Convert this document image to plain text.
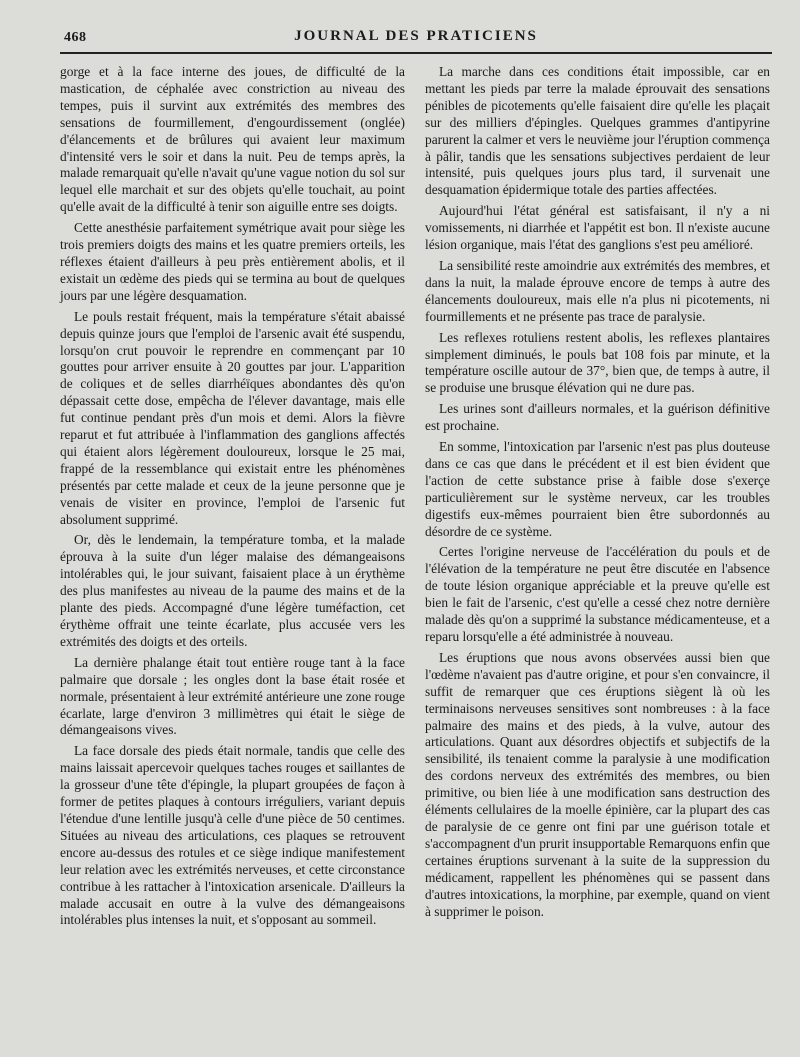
468	JOURNAL DES PRATICIENS

gorge et à la face interne des joues, de difficulté de la mastication, de céphalée avec constriction au niveau des tempes, puis il survint aux extrémités des membres des sensations de fourmillement, d'engourdissement (onglée) d'élancements et de brûlures qui avaient leur maximum d'intensité vers le soir et dans la nuit. Peu de temps après, la malade remarquait qu'elle n'avait qu'une vague notion du sol sur lequel elle marchait et sur des objets qu'elle touchait, au point qu'elle avait de la difficulté à tenir son aiguille entre ses doigts.

Cette anesthésie parfaitement symétrique avait pour siège les trois premiers doigts des mains et les quatre premiers orteils, les réflexes étaient d'ailleurs à peu près entièrement abolis, et il existait un œdème des pieds qui se termina au bout de quelques jours par une légère desquamation.

Le pouls restait fréquent, mais la température s'était abaissé depuis quinze jours que l'emploi de l'arsenic avait été suspendu, lorsqu'on crut pouvoir le reprendre en commençant par 10 gouttes pour arriver ensuite à 20 gouttes par jour. L'apparition de coliques et de selles diarrhéïques abondantes dès qu'on dépassait cette dose, empêcha de l'élever davantage, mais elle fut continue pendant près d'un mois et demi. Alors la fièvre reparut et fut attribuée à l'inflammation des ganglions affectés qui étaient alors légèrement douloureux, lorsque le 25 mai, frappé de la ressemblance qui existait entre les phénomènes présentés par cette malade et ceux de la jeune personne que je venais de visiter en province, l'emploi de l'arsenic fut absolument supprimé.

Or, dès le lendemain, la température tomba, et la malade éprouva à la suite d'un léger malaise des démangeaisons intolérables qui, le jour suivant, faisaient place à un érythème des plus manifestes au niveau de la paume des mains et de la plante des pieds. Accompagné d'une légère tuméfaction, cet érythème offrait une teinte écarlate, plus accusée vers les extrémités des doigts et des orteils.

La dernière phalange était tout entière rouge tant à la face palmaire que dorsale ; les ongles dont la base était rosée et normale, présentaient à leur extrémité antérieure une zone rouge écarlate, large d'environ 3 millimètres qui était le siège de démangeaisons vives.

La face dorsale des pieds était normale, tandis que celle des mains laissait apercevoir quelques taches rouges et saillantes de la grosseur d'une tête d'épingle, la plupart groupées de façon à former de petites plaques à contours irréguliers, variant depuis l'étendue d'une lentille jusqu'à celle d'une pièce de 50 centimes. Situées au niveau des articulations, ces plaques se retrouvent encore au-dessus des rotules et ce siège indique manifestement leur relation avec les extrémités nerveuses, et cette circonstance contribue à les rattacher à l'intoxication arsenicale. D'ailleurs la malade accusait en outre à la vulve des démangeaisons intolérables plus intenses la nuit, et s'opposant au sommeil.

La marche dans ces conditions était impossible, car en mettant les pieds par terre la malade éprouvait des sensations pénibles de picotements qu'elle faisaient dire qu'elle les plaçait sur des milliers d'épingles. Quelques grammes d'antipyrine parurent la calmer et vers le neuvième jour l'éruption commença à pâlir, tandis que les sensations subjectives perdaient de leur intensité, puis quelques jours plus tard, il survenait une desquamation épidermique totale des parties affectées.

Aujourd'hui l'état général est satisfaisant, il n'y a ni vomissements, ni diarrhée et l'appétit est bon. Il n'existe aucune lésion organique, mais l'état des ganglions s'est peu amélioré.

La sensibilité reste amoindrie aux extrémités des membres, et dans la nuit, la malade éprouve encore de temps à autre des élancements douloureux, mais elle n'a plus ni picotements, ni fourmillements et ne présente pas trace de paralysie.

Les reflexes rotuliens restent abolis, les reflexes plantaires simplement diminués, le pouls bat 108 fois par minute, et la température oscille autour de 37°, bien que, de temps à autre, il se produise une brusque élévation qui ne dure pas.

Les urines sont d'ailleurs normales, et la guérison définitive est prochaine.

En somme, l'intoxication par l'arsenic n'est pas plus douteuse dans ce cas que dans le précédent et il est bien évident que l'action de cette substance prise à faible dose s'exerçe particulièrement sur le système nerveux, car les troubles digestifs eux-mêmes pourraient bien être subordonnés au désordre de ce système.

Certes l'origine nerveuse de l'accélération du pouls et de l'élévation de la température ne peut être discutée en l'absence de toute lésion organique appréciable et la preuve qu'elle est bien le fait de l'arsenic, c'est qu'elle a cessé chez notre dernière malade dès qu'on a supprimé la substance médicamenteuse, et a reparu lorsqu'elle a été administrée à nouveau.

Les éruptions que nous avons observées aussi bien que l'œdème n'avaient pas d'autre origine, et pour s'en convaincre, il suffit de remarquer que ces éruptions siègent là où les terminaisons nerveuses sensitives sont nombreuses : à la face palmaire des mains et des pieds, à la vulve, autour des articulations. Quant aux désordres objectifs et subjectifs de la sensibilité, ils tenaient comme la paralysie à une modification des cordons nerveux des extrémités des membres, ou bien primitive, ou bien liée à une modification sans destruction des éléments cellulaires de la moelle épinière, car la plupart des cas de paralysie de ce genre ont fini par une guérison totale et s'accompagnent d'un prurit insupportable Remarquons enfin que certaines éruptions survenant à la suite de la suppression du médicament, rappellent les phénomènes qui se passent dans d'autres intoxications, la morphine, par exemple, quand on vient à supprimer le poison.
